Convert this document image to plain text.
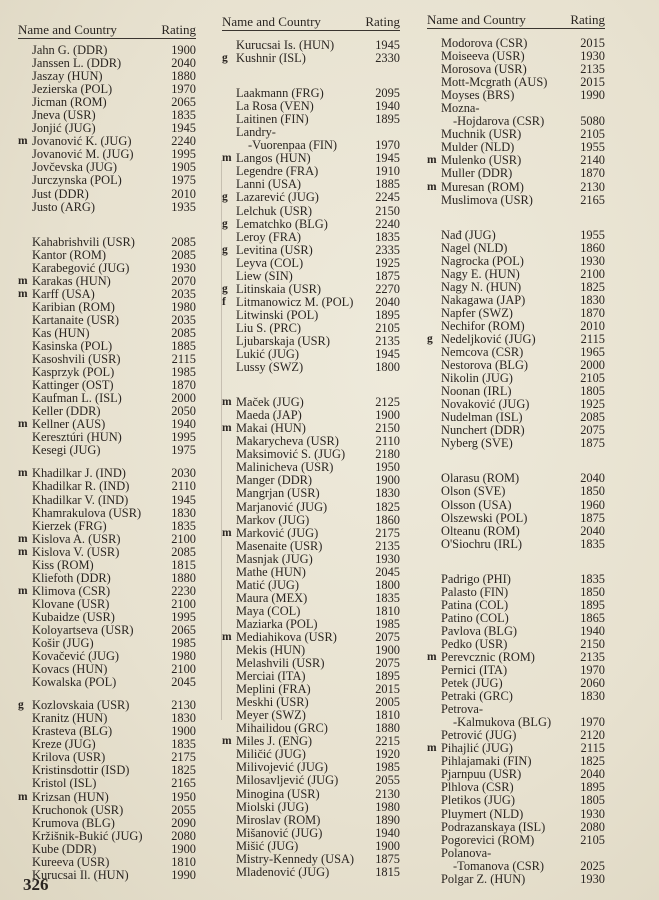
Name and Country	Rating
Jahn G. (DDR)	1900
Janssen L. (DDR)	2040
Jaszay (HUN)	1880
Jezierska (POL)	1970
Jicman (ROM)	2065
Jneva (USR)	1835
Jonjić (JUG)	1945
m Jovanović K. (JUG)	2240
Jovanović M. (JUG)	1995
Jovčevska (JUG)	1905
Jurczynska (POL)	1975
Just (DDR)	2010
Justo (ARG)	1935
Kahabrishvili (USR)	2085
Kantor (ROM)	2085
Karabegović (JUG)	1930
m Karakas (HUN)	2070
m Karff (USA)	2035
Karibian (ROM)	1980
Kartanaite (USR)	2035
Kas (HUN)	2085
Kasinska (POL)	1885
Kasoshvili (USR)	2115
Kasprzyk (POL)	1985
Kattinger (OST)	1870
Kaufman L. (ISL)	2000
Keller (DDR)	2050
m Kellner (AUS)	1940
Keresztúri (HUN)	1995
Kesegi (JUG)	1975
m Khadilkar J. (IND)	2030
Khadilkar R. (IND)	2110
Khadilkar V. (IND)	1945
Khamrakulova (USR)	1830
Kierzek (FRG)	1835
m Kislova A. (USR)	2100
m Kislova V. (USR)	2085
Kiss (ROM)	1815
Kliefoth (DDR)	1880
m Klimova (CSR)	2230
Klovane (USR)	2100
Kubaidze (USR)	1995
Koloyartseva (USR)	2065
Košir (JUG)	1985
Kovačević (JUG)	1980
Kovacs (HUN)	2100
Kowalska (POL)	2045
g Kozlovskaia (USR)	2130
Kranitz (HUN)	1830
Krasteva (BLG)	1900
Kreze (JUG)	1835
Krilova (USR)	2175
Kristinsdottir (ISD)	1825
Kristol (ISL)	2165
m Krizsan (HUN)	1950
Kruchonok (USR)	2055
Krumova (BLG)	2090
Kržišnik-Bukić (JUG)	2080
Kube (DDR)	1900
Kureeva (USR)	1810
Kurucsai Il. (HUN)	1990
Name and Country	Rating
Kurucsai Is. (HUN)	1945
g Kushnir (ISL)	2330
Laakmann (FRG)	2095
La Rosa (VEN)	1940
Laitinen (FIN)	1895
Landry-
-Vuorenpaa (FIN)	1970
m Langos (HUN)	1945
Legendre (FRA)	1910
Lanni (USA)	1885
g Lazarević (JUG)	2245
Lelchuk (USR)	2150
g Lematchko (BLG)	2240
Leroy (FRA)	1835
g Levitina (USR)	2335
Leyva (COL)	1925
Liew (SIN)	1875
g Litinskaia (USR)	2270
f Litmanowicz M. (POL)	2040
Litwinski (POL)	1895
Liu S. (PRC)	2105
Ljubarskaja (USR)	2135
Lukić (JUG)	1945
Lussy (SWZ)	1800
m Maček (JUG)	2125
Maeda (JAP)	1900
m Makai (HUN)	2150
Makarycheva (USR)	2110
Maksimović S. (JUG)	2180
Malinicheva (USR)	1950
Manger (DDR)	1900
Mangrjan (USR)	1830
Marjanović (JUG)	1825
Markov (JUG)	1860
m Marković (JUG)	2175
Masenaite (USR)	2135
Masnjak (JUG)	1930
Mathe (HUN)	2045
Matić (JUG)	1800
Maura (MEX)	1835
Maya (COL)	1810
Maziarka (POL)	1985
m Mediahikova (USR)	2075
Mekis (HUN)	1900
Melashvili (USR)	2075
Merciai (ITA)	1895
Meplini (FRA)	2015
Meskhi (USR)	2005
Meyer (SWZ)	1810
Mihailidou (GRC)	1880
m Miles J. (ENG)	2215
Miličić (JUG)	1920
Milivojević (JUG)	1985
Milosavljević (JUG)	2055
Minogina (USR)	2130
Miolski (JUG)	1980
Miroslav (ROM)	1890
Mišanović (JUG)	1940
Mišić (JUG)	1900
Mistry-Kennedy (USA)	1875
Mladenović (JUG)	1815
Name and Country	Rating
Modorova (CSR)	2015
Moiseeva (USR)	1930
Morosova (USR)	2135
Mott-Mcgrath (AUS)	2015
Moyses (BRS)	1990
Mozna-
-Hojdarova (CSR)	5080
Muchnik (USR)	2105
Mulder (NLD)	1955
m Mulenko (USR)	2140
Muller (DDR)	1870
m Muresan (ROM)	2130
Muslimova (USR)	2165
Nađ (JUG)	1955
Nagel (NLD)	1860
Nagrocka (POL)	1930
Nagy E. (HUN)	2100
Nagy N. (HUN)	1825
Nakagawa (JAP)	1830
Napfer (SWZ)	1870
Nechifor (ROM)	2010
g Nedeljković (JUG)	2115
Nemcova (CSR)	1965
Nestorova (BLG)	2000
Nikolin (JUG)	2105
Noonan (IRL)	1805
Novaković (JUG)	1925
Nudelman (ISL)	2085
Nunchert (DDR)	2075
Nyberg (SVE)	1875
Olarasu (ROM)	2040
Olson (SVE)	1850
Olsson (USA)	1960
Olszewski (POL)	1875
Olteanu (ROM)	2040
O'Siochru (IRL)	1835
Padrigo (PHI)	1835
Palasto (FIN)	1850
Patina (COL)	1895
Patino (COL)	1865
Pavlova (BLG)	1940
Pedko (USR)	2150
m Perevcznic (ROM)	2135
Pernici (ITA)	1970
Petek (JUG)	2060
Petraki (GRC)	1830
Petrova-
-Kalmukova (BLG)	1970
Petrović (JUG)	2120
m Pihajlić (JUG)	2115
Pihlajamaki (FIN)	1825
Pjarnpuu (USR)	2040
Plhlova (CSR)	1895
Pletikos (JUG)	1805
Pluymert (NLD)	1930
Podrazanskaya (ISL)	2080
Pogorevici (ROM)	2105
Polanova-
-Tomanova (CSR)	2025
Polgar Z. (HUN)	1930
326
